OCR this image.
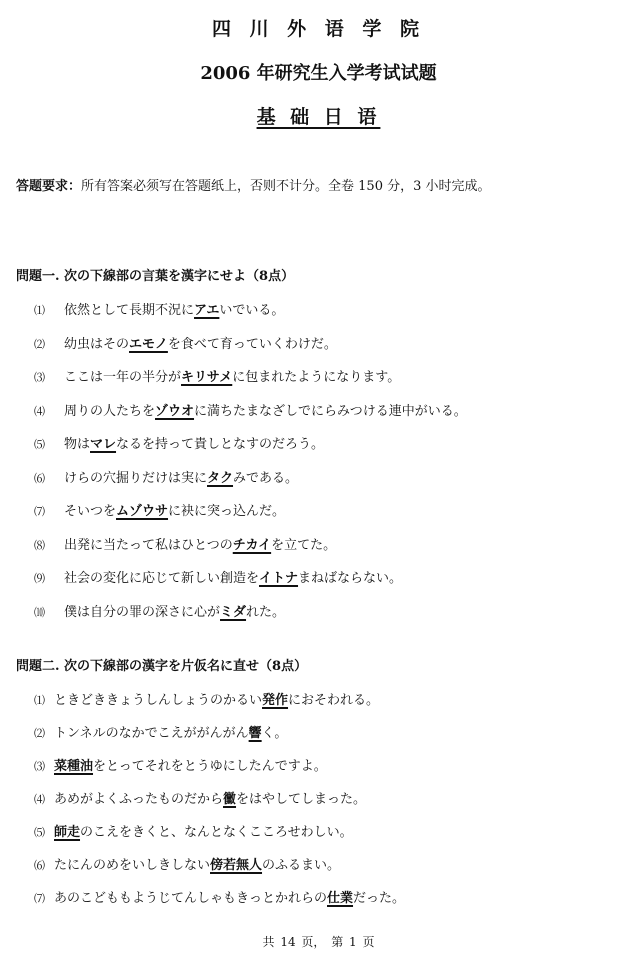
四 川 外 语 学 院
2006 年研究生入学考试试题
基 础 日 语
答题要求：所有答案必须写在答题纸上，否则不计分。全卷 150 分，3 小时完成。
問題一. 次の下線部の言葉を漢字にせよ（8点）
⑴ 依然として長期不況にアエいでいる。
⑵ 幼虫はそのエモノを食べて育っていくわけだ。
⑶ ここは一年の半分がキリサメに包まれたようになります。
⑷ 周りの人たちをゾウオに満ちたまなざしでにらみつける連中がいる。
⑸ 物はマレなるを持って貴しとなすのだろう。
⑹ けらの穴掘りだけは実にタクみである。
⑺ そいつをムゾウサに袂に突っ込んだ。
⑻ 出発に当たって私はひとつのチカイを立てた。
⑼ 社会の変化に応じて新しい創造をイトナまねばならない。
⑽ 僕は自分の罪の深さに心がミダれた。
問題二. 次の下線部の漢字を片仮名に直せ（8点）
⑴ ときどききょうしんしょうのかるい発作におそわれる。
⑵ トンネルのなかでこえががんがん響く。
⑶ 菜種油をとってそれをとうゆにしたんですよ。
⑷ あめがよくふったものだから黴をはやしてしまった。
⑸ 師走のこえをきくと、なんとなくこころせわしい。
⑹ たにんのめをいしきしない傍若無人のふるまい。
⑺ あのこどももようじてんしゃもきっとかれらの仕業だった。
共 14 页， 第 1 页
